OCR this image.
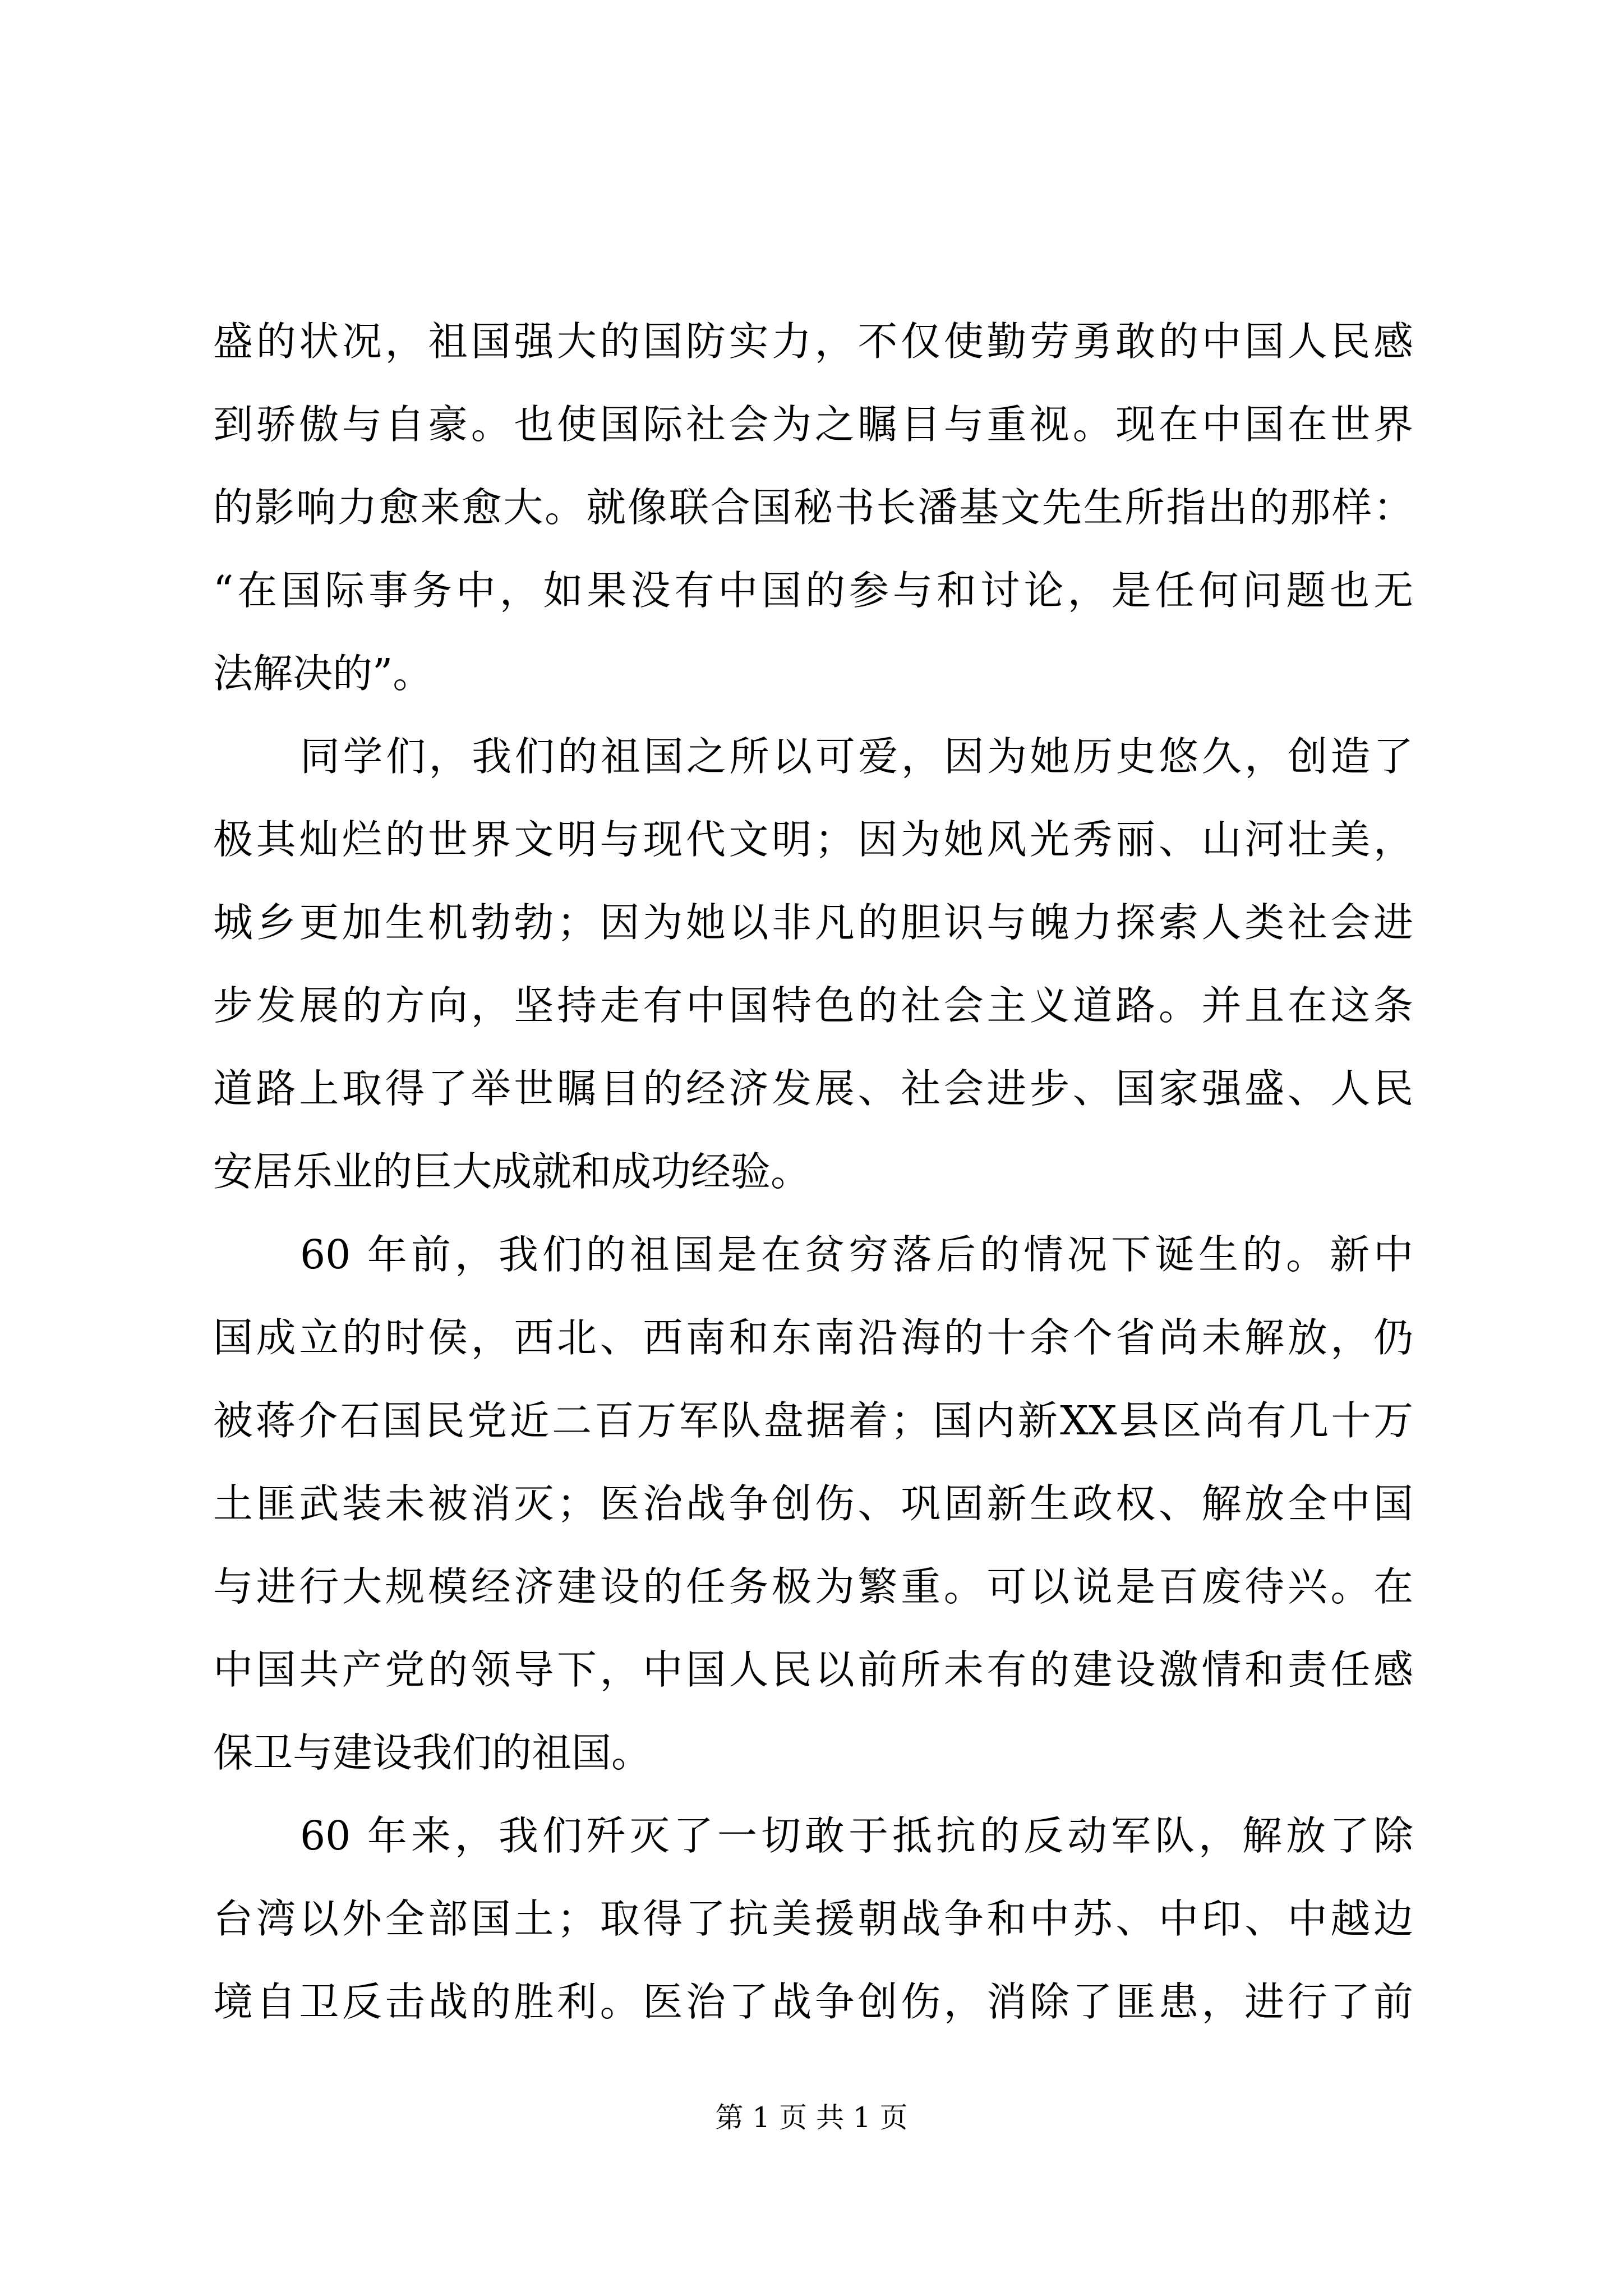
盛的状况，祖国强大的国防实力，不仅使勤劳勇敢的中国人民感
到骄傲与自豪。也使国际社会为之瞩目与重视。现在中国在世界
的影响力愈来愈大。就像联合国秘书长潘基文先生所指出的那样：
“在国际事务中，如果没有中国的参与和讨论，是任何问题也无
法解决的”。
同学们，我们的祖国之所以可爱，因为她历史悠久，创造了
极其灿烂的世界文明与现代文明；因为她风光秀丽、山河壮美，
城乡更加生机勃勃；因为她以非凡的胆识与魄力探索人类社会进
步发展的方向，坚持走有中国特色的社会主义道路。并且在这条
道路上取得了举世瞩目的经济发展、社会进步、国家强盛、人民
安居乐业的巨大成就和成功经验。
60 年前，我们的祖国是在贫穷落后的情况下诞生的。新中
国成立的时侯，西北、西南和东南沿海的十余个省尚未解放，仍
被蒋介石国民党近二百万军队盘据着；国内新XX县区尚有几十万
土匪武装未被消灭；医治战争创伤、巩固新生政权、解放全中国
与进行大规模经济建设的任务极为繁重。可以说是百废待兴。在
中国共产党的领导下，中国人民以前所未有的建设激情和责任感
保卫与建设我们的祖国。
60 年来，我们歼灭了一切敢于抵抗的反动军队，解放了除
台湾以外全部国土；取得了抗美援朝战争和中苏、中印、中越边
境自卫反击战的胜利。医治了战争创伤，消除了匪患，进行了前
第 1 页 共 1 页
